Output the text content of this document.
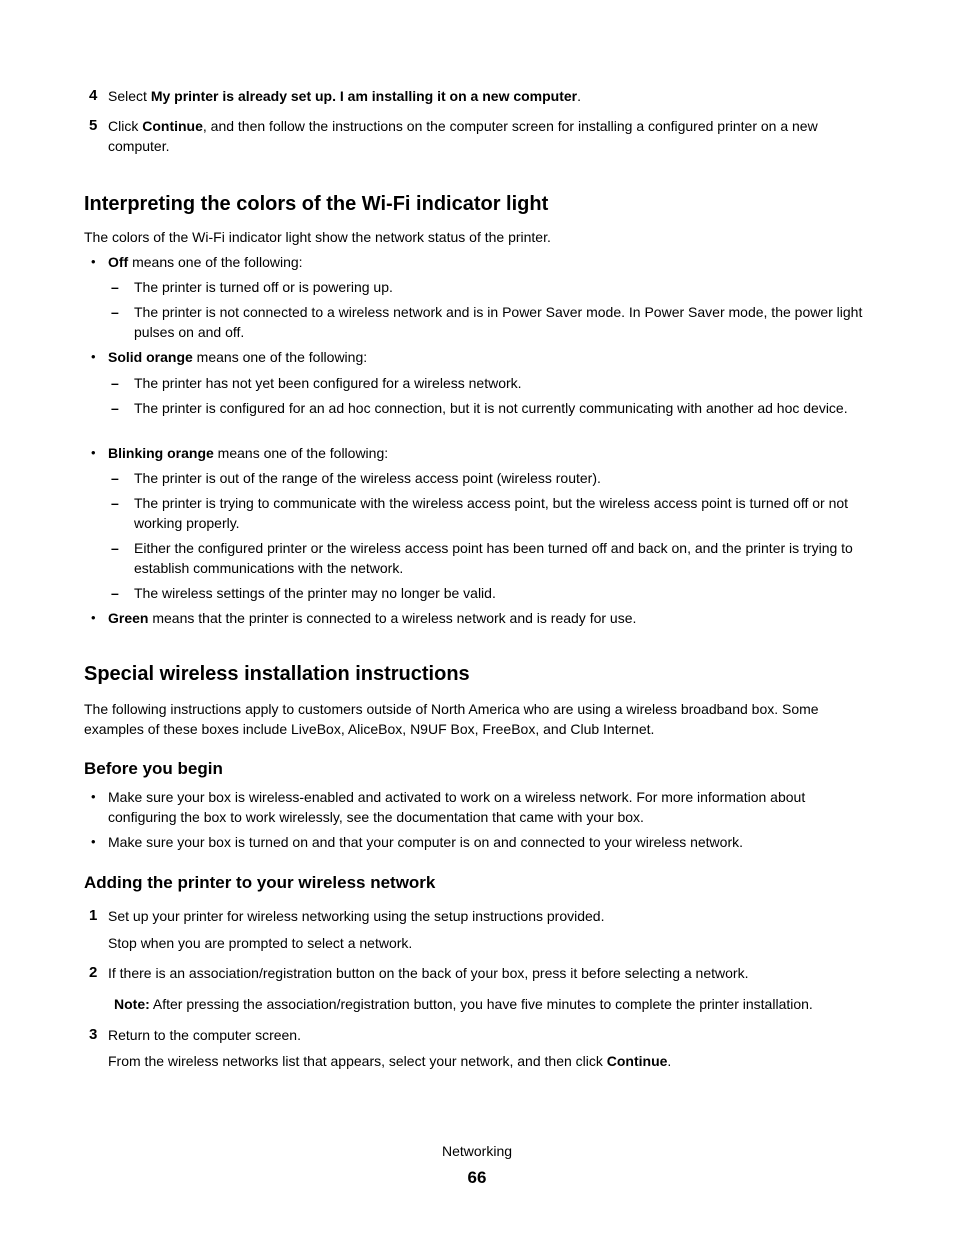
4 Select My printer is already set up. I am installing it on a new computer.
5 Click Continue, and then follow the instructions on the computer screen for installing a configured printer on a new computer.
Interpreting the colors of the Wi-Fi indicator light
The colors of the Wi-Fi indicator light show the network status of the printer.
• Off means one of the following:
– The printer is turned off or is powering up.
– The printer is not connected to a wireless network and is in Power Saver mode. In Power Saver mode, the power light pulses on and off.
• Solid orange means one of the following:
– The printer has not yet been configured for a wireless network.
– The printer is configured for an ad hoc connection, but it is not currently communicating with another ad hoc device.
• Blinking orange means one of the following:
– The printer is out of the range of the wireless access point (wireless router).
– The printer is trying to communicate with the wireless access point, but the wireless access point is turned off or not working properly.
– Either the configured printer or the wireless access point has been turned off and back on, and the printer is trying to establish communications with the network.
– The wireless settings of the printer may no longer be valid.
• Green means that the printer is connected to a wireless network and is ready for use.
Special wireless installation instructions
The following instructions apply to customers outside of North America who are using a wireless broadband box. Some examples of these boxes include LiveBox, AliceBox, N9UF Box, FreeBox, and Club Internet.
Before you begin
• Make sure your box is wireless-enabled and activated to work on a wireless network. For more information about configuring the box to work wirelessly, see the documentation that came with your box.
• Make sure your box is turned on and that your computer is on and connected to your wireless network.
Adding the printer to your wireless network
1 Set up your printer for wireless networking using the setup instructions provided.
Stop when you are prompted to select a network.
2 If there is an association/registration button on the back of your box, press it before selecting a network.
Note: After pressing the association/registration button, you have five minutes to complete the printer installation.
3 Return to the computer screen.
From the wireless networks list that appears, select your network, and then click Continue.
Networking
66
